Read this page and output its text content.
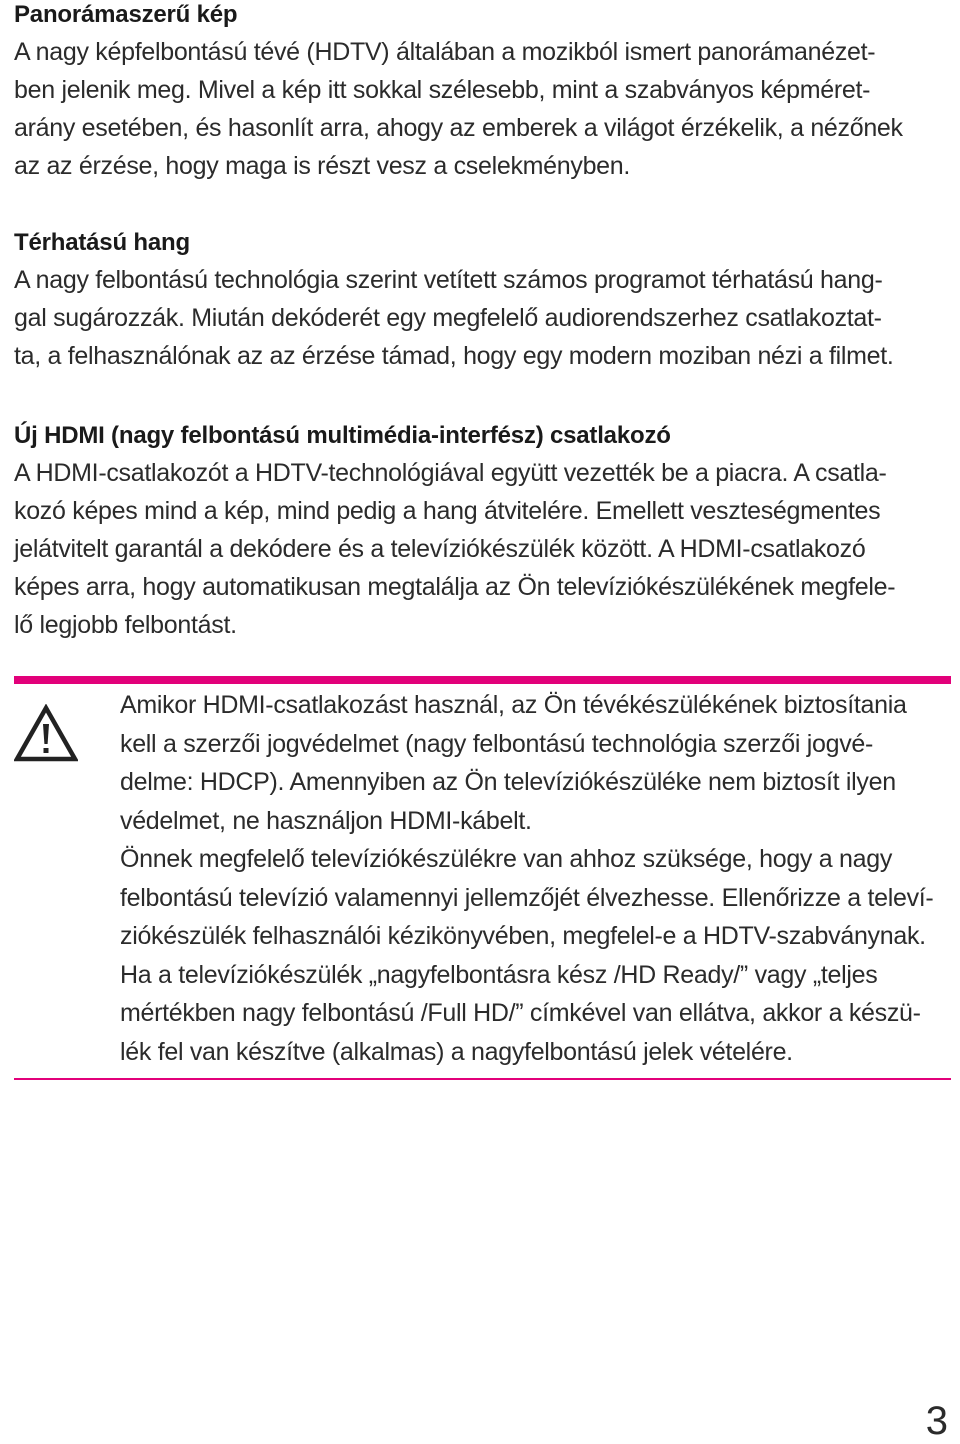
Panorámaszerű kép

A nagy képfelbontású tévé (HDTV) általában a mozikból ismert panorámanézet-

ben jelenik meg. Mivel a kép itt sokkal szélesebb, mint a szabványos képméret-

arány esetében, és hasonlít arra, ahogy az emberek a világot érzékelik, a nézőnek

az az érzése, hogy maga is részt vesz a cselekményben.

Térhatású hang

A nagy felbontású technológia szerint vetített számos programot térhatású hang-

gal sugározzák. Miután dekóderét egy megfelelő audiorendszerhez csatlakoztat-

ta, a felhasználónak az az érzése támad, hogy egy modern moziban nézi a filmet.

Új HDMI (nagy felbontású multimédia-interfész) csatlakozó

A HDMI-csatlakozót a HDTV-technológiával együtt vezették be a piacra. A csatla-

kozó képes mind a kép, mind pedig a hang átvitelére. Emellett veszteségmentes

jelátvitelt garantál a dekódere és a televíziókészülék között. A HDMI-csatlakozó

képes arra, hogy automatikusan megtalálja az Ön televíziókészülékének megfele-

lő legjobb felbontást.

Amikor HDMI-csatlakozást használ, az Ön tévékészülékének biztosítania

kell a szerzői jogvédelmet (nagy felbontású technológia szerzői jogvé-

delme: HDCP). Amennyiben az Ön televíziókészüléke nem biztosít ilyen

védelmet, ne használjon HDMI-kábelt.

Önnek megfelelő televíziókészülékre van ahhoz szüksége, hogy a nagy

felbontású televízió valamennyi jellemzőjét élvezhesse. Ellenőrizze a televí-

ziókészülék felhasználói kézikönyvében, megfelel-e a HDTV-szabványnak.

Ha a televíziókészülék „nagyfelbontásra kész /HD Ready/” vagy „teljes

mértékben nagy felbontású /Full HD/” címkével van ellátva, akkor a készü-

lék fel van készítve (alkalmas) a nagyfelbontású jelek vételére.

3
